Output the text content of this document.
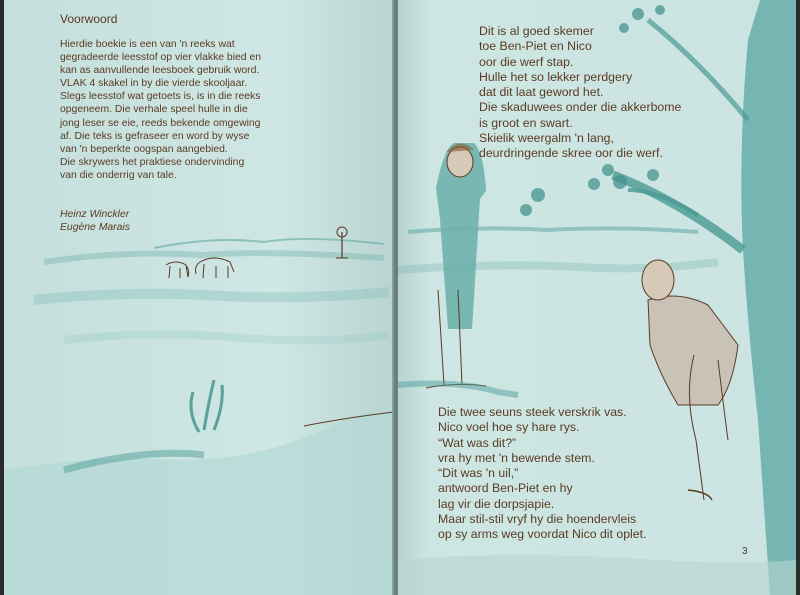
Voorwoord
Hierdie boekie is een van 'n reeks wat
gegradeerde leesstof op vier vlakke bied en
kan as aanvullende leesboek gebruik word.
VLAK 4 skakel in by die vierde skooljaar.
Slegs leesstof wat getoets is, is in die reeks
opgeneem. Die verhale speel hulle in die
jong leser se eie, reeds bekende omgewing
af. Die teks is gefraseer en word by wyse
van 'n beperkte oogspan aangebied.
Die skrywers het praktiese ondervinding
van die onderrig van tale.
Heinz Winckler
Eugène Marais
Dit is al goed skemer
toe Ben-Piet en Nico
oor die werf stap.
Hulle het so lekker perdgery
dat dit laat geword het.
Die skaduwees onder die akkerbome
is groot en swart.
Skielik weergalm 'n lang,
deurdringende skree oor die werf.
Die twee seuns steek verskrik vas.
Nico voel hoe sy hare rys.
“Wat was dit?”
vra hy met 'n bewende stem.
“Dit was 'n uil,”
antwoord Ben-Piet en hy
lag vir die dorpsjapie.
Maar stil-stil vryf hy die hoendervleis
op sy arms weg voordat Nico dit oplet.
3
